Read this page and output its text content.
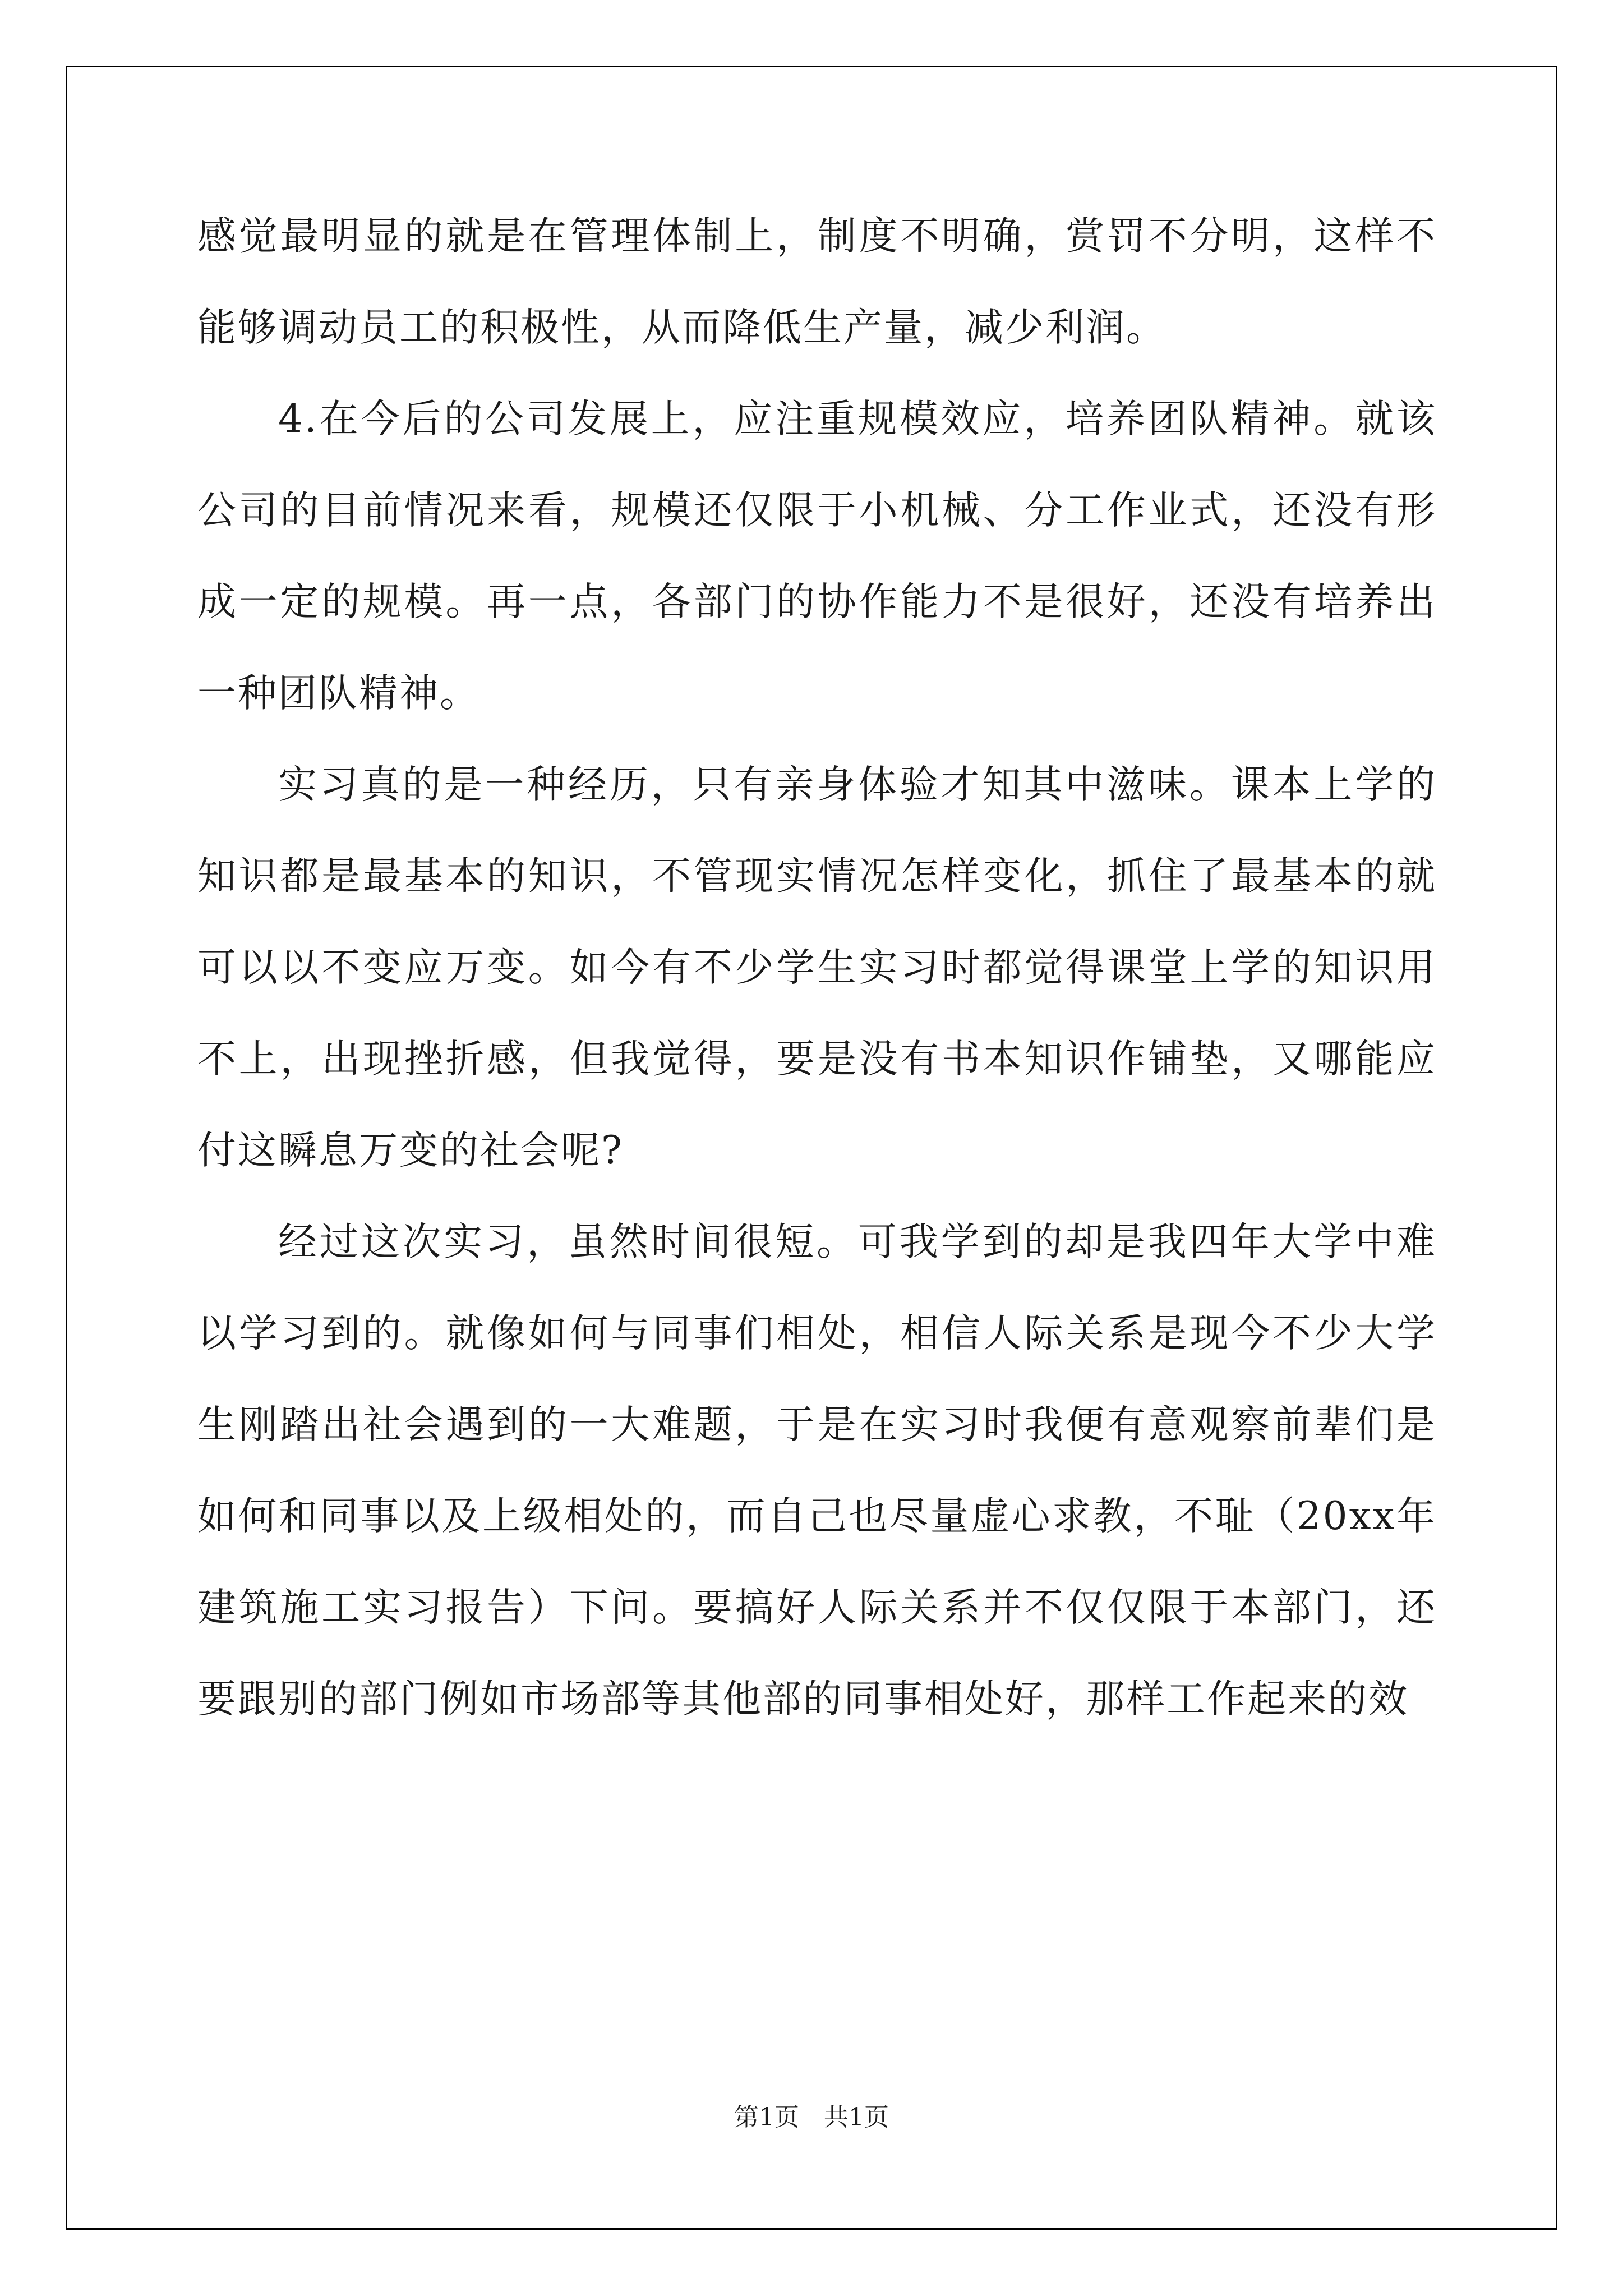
感觉最明显的就是在管理体制上，制度不明确，赏罚不分明，这样不能够调动员工的积极性，从而降低生产量，减少利润。

4.在今后的公司发展上，应注重规模效应，培养团队精神。就该公司的目前情况来看，规模还仅限于小机械、分工作业式，还没有形成一定的规模。再一点，各部门的协作能力不是很好，还没有培养出一种团队精神。

实习真的是一种经历，只有亲身体验才知其中滋味。课本上学的知识都是最基本的知识，不管现实情况怎样变化，抓住了最基本的就可以以不变应万变。如今有不少学生实习时都觉得课堂上学的知识用不上，出现挫折感，但我觉得，要是没有书本知识作铺垫，又哪能应付这瞬息万变的社会呢?

经过这次实习，虽然时间很短。可我学到的却是我四年大学中难以学习到的。就像如何与同事们相处，相信人际关系是现今不少大学生刚踏出社会遇到的一大难题，于是在实习时我便有意观察前辈们是如何和同事以及上级相处的，而自己也尽量虚心求教，不耻（20xx年建筑施工实习报告）下问。要搞好人际关系并不仅仅限于本部门，还要跟别的部门例如市场部等其他部的同事相处好，那样工作起来的效

第1页　共1页
